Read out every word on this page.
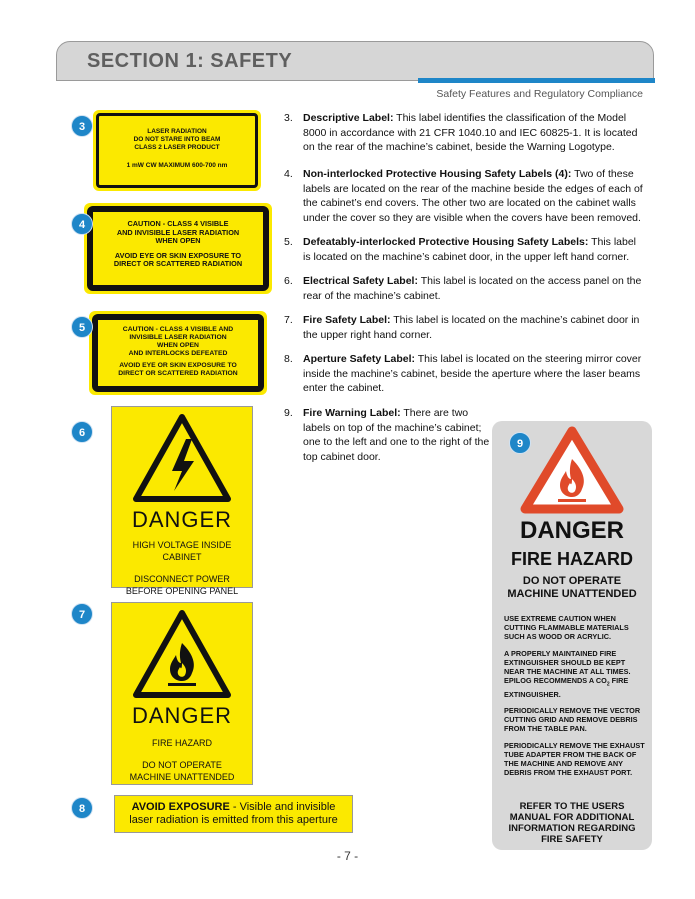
SECTION 1: SAFETY
Safety Features and Regulatory Compliance
3
4
5
6
7
8
9
LASER RADIATION
DO NOT STARE INTO BEAM
CLASS 2 LASER PRODUCT
1 mW CW MAXIMUM 600-700 nm
CAUTION - CLASS 4 VISIBLE
AND INVISIBLE LASER RADIATION
WHEN OPEN
AVOID EYE OR SKIN EXPOSURE TO
DIRECT OR SCATTERED RADIATION
CAUTION - CLASS 4 VISIBLE AND
INVISIBLE LASER RADIATION
WHEN OPEN
AND INTERLOCKS DEFEATED
AVOID EYE OR SKIN EXPOSURE TO
DIRECT OR SCATTERED RADIATION
DANGER
HIGH VOLTAGE INSIDE CABINET
DISCONNECT POWER
BEFORE OPENING PANEL
DANGER
FIRE HAZARD
DO NOT OPERATE
MACHINE UNATTENDED
AVOID EXPOSURE - Visible and invisible
laser radiation is emitted from this aperture
3. Descriptive Label: This label identifies the classification of the Model 8000 in accordance with 21 CFR 1040.10 and IEC 60825-1. It is located on the rear of the machine’s cabinet, beside the Warning Logotype.
4. Non-interlocked Protective Housing Safety Labels (4): Two of these labels are located on the rear of the machine beside the edges of each of the cabinet’s end covers. The other two are located on the cabinet walls under the cover so they are visible when the covers have been removed.
5. Defeatably-interlocked Protective Housing Safety Labels: This label is located on the machine’s cabinet door, in the upper left hand corner.
6. Electrical Safety Label: This label is located on the access panel on the rear of the machine’s cabinet.
7. Fire Safety Label: This label is located on the machine’s cabinet door in the upper right hand corner.
8. Aperture Safety Label: This label is located on the steering mirror cover inside the machine’s cabinet, beside the aperture where the laser beams enter the cabinet.
9. Fire Warning Label: There are two labels on top of the machine’s cabinet; one to the left and one to the right of the top cabinet door.
DANGER
FIRE HAZARD
DO NOT OPERATE
MACHINE UNATTENDED

USE EXTREME CAUTION WHEN CUTTING FLAMMABLE MATERIALS SUCH AS WOOD OR ACRYLIC.

A PROPERLY MAINTAINED FIRE EXTINGUISHER SHOULD BE KEPT NEAR THE MACHINE AT ALL TIMES. EPILOG RECOMMENDS A $CO_2$ FIRE EXTINGUISHER.

PERIODICALLY REMOVE THE VECTOR CUTTING GRID AND REMOVE DEBRIS FROM THE TABLE PAN.

PERIODICALLY REMOVE THE EXHAUST TUBE ADAPTER FROM THE BACK OF THE MACHINE AND REMOVE ANY DEBRIS FROM THE EXHAUST PORT.

REFER TO THE USERS
MANUAL FOR ADDITIONAL
INFORMATION REGARDING
FIRE SAFETY
- 7 -
